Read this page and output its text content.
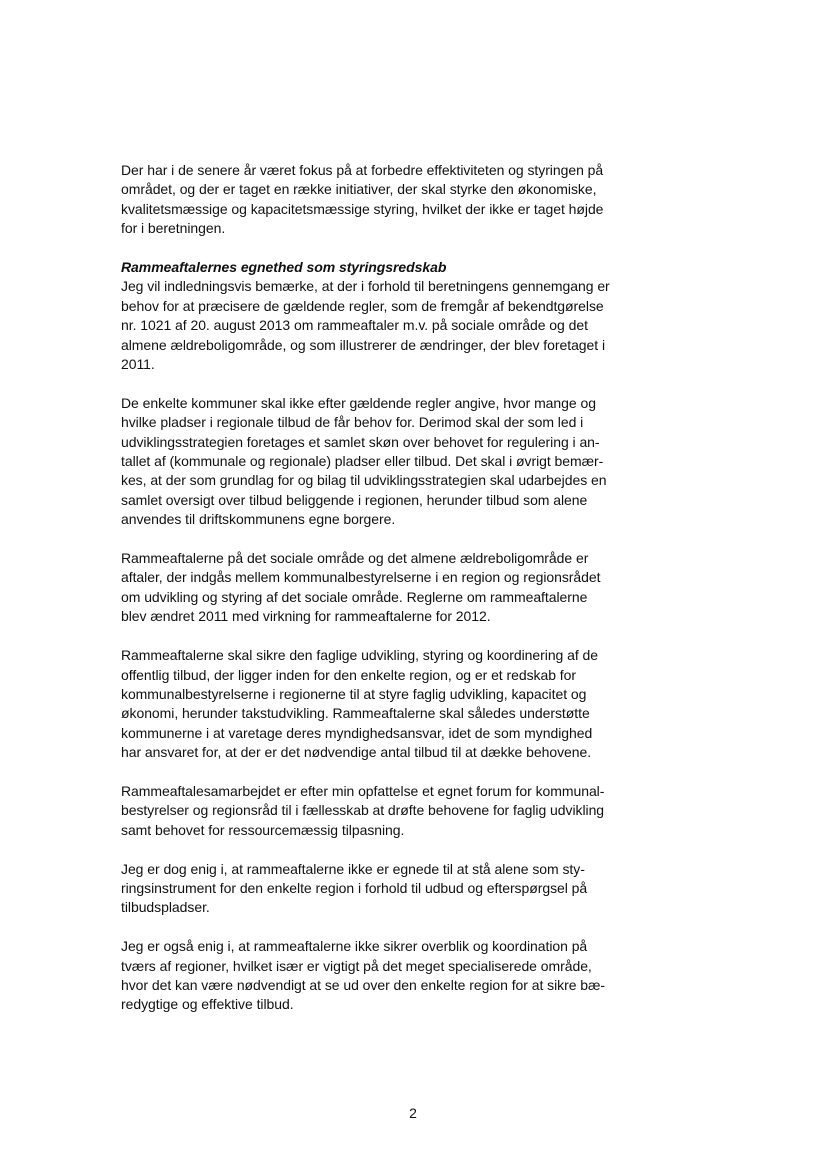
Der har i de senere år været fokus på at forbedre effektiviteten og styringen på
området, og der er taget en række initiativer, der skal styrke den økonomiske,
kvalitetsmæssige og kapacitetsmæssige styring, hvilket der ikke er taget højde
for i beretningen.

Rammeaftalernes egnethed som styringsredskab
Jeg vil indledningsvis bemærke, at der i forhold til beretningens gennemgang er
behov for at præcisere de gældende regler, som de fremgår af bekendtgørelse
nr. 1021 af 20. august 2013 om rammeaftaler m.v. på sociale område og det
almene ældreboligområde, og som illustrerer de ændringer, der blev foretaget i
2011.

De enkelte kommuner skal ikke efter gældende regler angive, hvor mange og
hvilke pladser i regionale tilbud de får behov for. Derimod skal der som led i
udviklingsstrategien foretages et samlet skøn over behovet for regulering i an-
tallet af (kommunale og regionale) pladser eller tilbud. Det skal i øvrigt bemær-
kes, at der som grundlag for og bilag til udviklingsstrategien skal udarbejdes en
samlet oversigt over tilbud beliggende i regionen, herunder tilbud som alene
anvendes til driftskommunens egne borgere.

Rammeaftalerne på det sociale område og det almene ældreboligområde er
aftaler, der indgås mellem kommunalbestyrelserne i en region og regionsrådet
om udvikling og styring af det sociale område. Reglerne om rammeaftalerne
blev ændret 2011 med virkning for rammeaftalerne for 2012.

Rammeaftalerne skal sikre den faglige udvikling, styring og koordinering af de
offentlig tilbud, der ligger inden for den enkelte region, og er et redskab for
kommunalbestyrelserne i regionerne til at styre faglig udvikling, kapacitet og
økonomi, herunder takstudvikling. Rammeaftalerne skal således understøtte
kommunerne i at varetage deres myndighedsansvar, idet de som myndighed
har ansvaret for, at der er det nødvendige antal tilbud til at dække behovene.

Rammeaftalesamarbejdet er efter min opfattelse et egnet forum for kommunal-
bestyrelser og regionsråd til i fællesskab at drøfte behovene for faglig udvikling
samt behovet for ressourcemæssig tilpasning.

Jeg er dog enig i, at rammeaftalerne ikke er egnede til at stå alene som sty-
ringsinstrument for den enkelte region i forhold til udbud og efterspørgsel på
tilbudspladser.

Jeg er også enig i, at rammeaftalerne ikke sikrer overblik og koordination på
tværs af regioner, hvilket især er vigtigt på det meget specialiserede område,
hvor det kan være nødvendigt at se ud over den enkelte region for at sikre bæ-
redygtige og effektive tilbud.

2
